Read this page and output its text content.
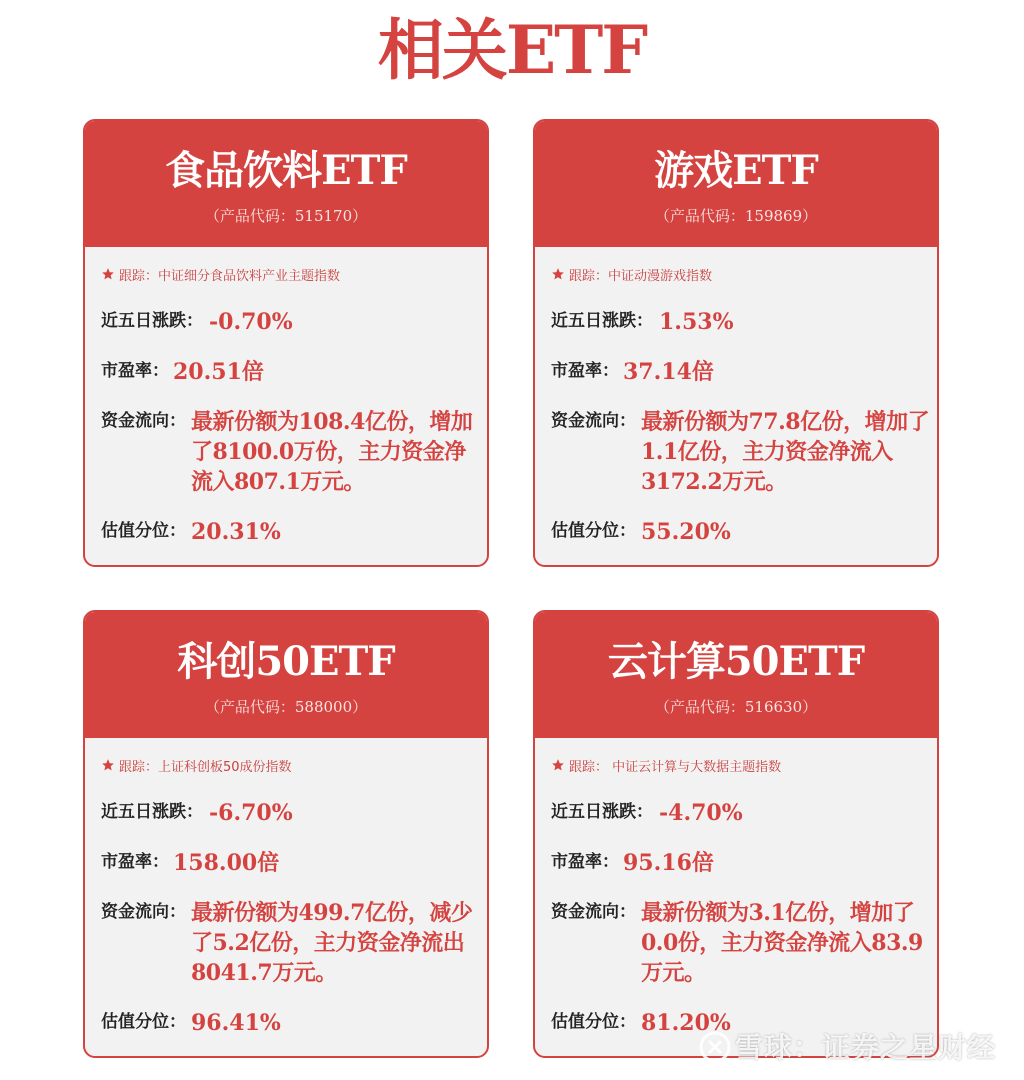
相关ETF
食品饮料ETF
（产品代码：515170）
跟踪：中证细分食品饮料产业主题指数
近五日涨跌： -0.70%
市盈率： 20.51倍
资金流向： 最新份额为108.4亿份，增加了8100.0万份，主力资金净流入807.1万元。
估值分位： 20.31%
游戏ETF
（产品代码：159869）
跟踪：中证动漫游戏指数
近五日涨跌： 1.53%
市盈率： 37.14倍
资金流向： 最新份额为77.8亿份，增加了1.1亿份，主力资金净流入3172.2万元。
估值分位： 55.20%
科创50ETF
（产品代码：588000）
跟踪：上证科创板50成份指数
近五日涨跌： -6.70%
市盈率： 158.00倍
资金流向： 最新份额为499.7亿份，减少了5.2亿份，主力资金净流出8041.7万元。
估值分位： 96.41%
云计算50ETF
（产品代码：516630）
跟踪： 中证云计算与大数据主题指数
近五日涨跌： -4.70%
市盈率： 95.16倍
资金流向： 最新份额为3.1亿份，增加了0.0份，主力资金净流入83.9万元。
估值分位： 81.20%
雪球：证券之星财经
